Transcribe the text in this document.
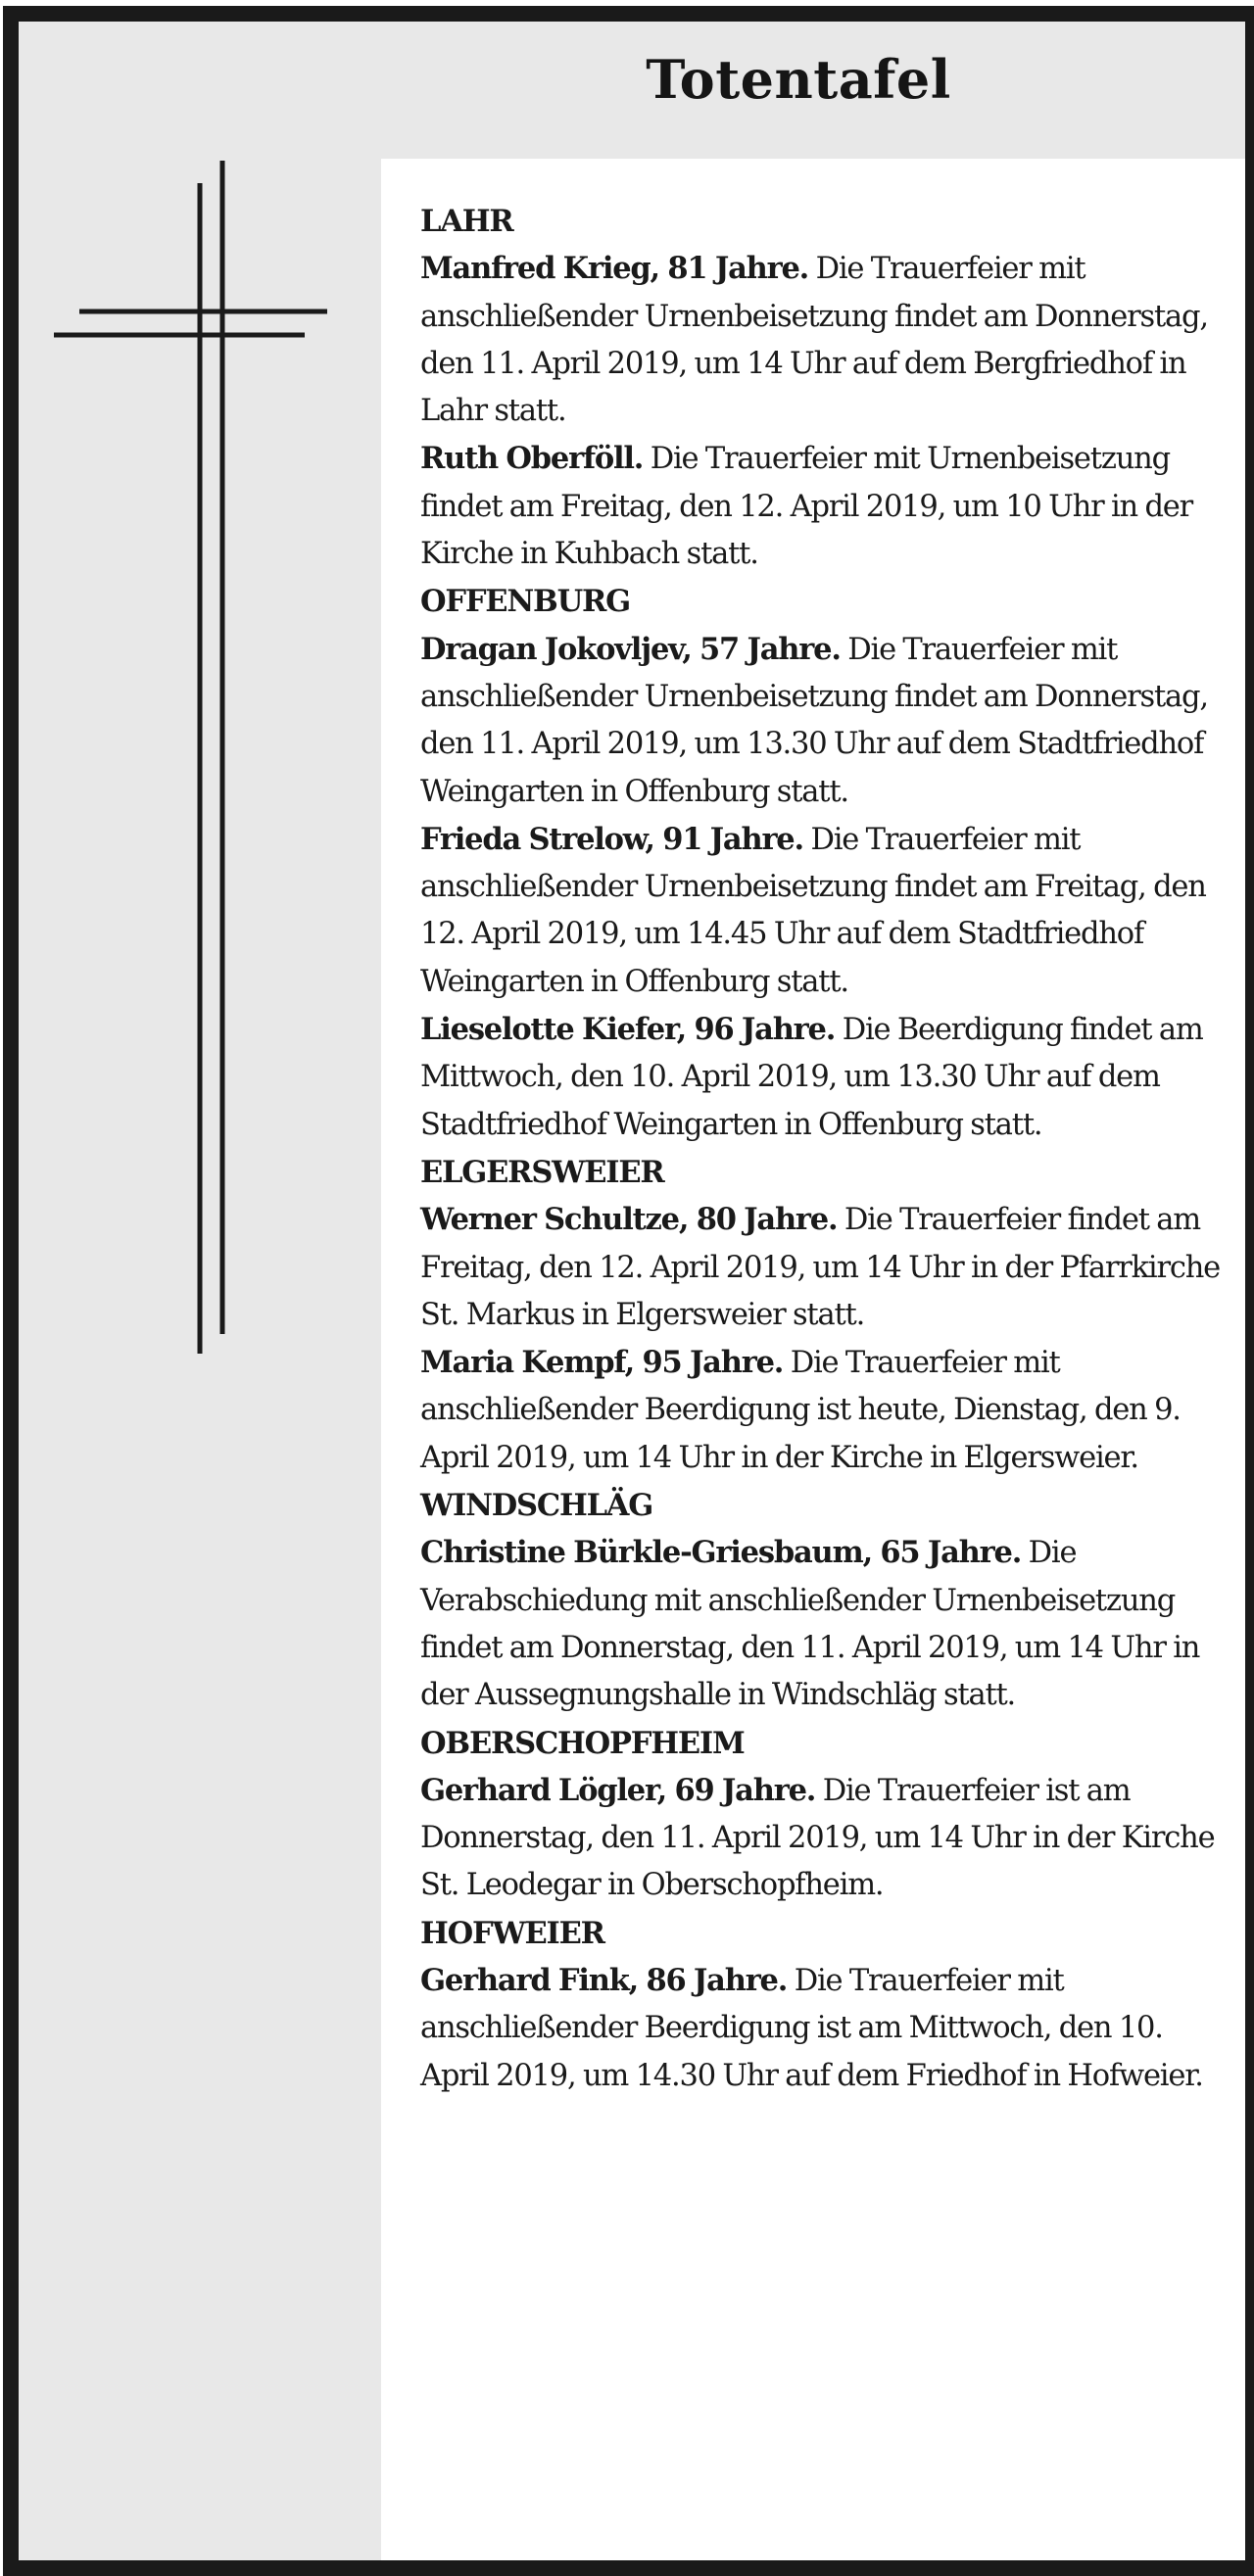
Totentafel
LAHR
Manfred Krieg, 81 Jahre. Die Trauerfeier mit anschließender Urnenbeisetzung findet am Donnerstag, den 11. April 2019, um 14 Uhr auf dem Bergfriedhof in Lahr statt.
Ruth Oberföll. Die Trauerfeier mit Urnenbeisetzung findet am Freitag, den 12. April 2019, um 10 Uhr in der Kirche in Kuhbach statt.
OFFENBURG
Dragan Jokovljev, 57 Jahre. Die Trauerfeier mit anschließender Urnenbeisetzung findet am Donnerstag, den 11. April 2019, um 13.30 Uhr auf dem Stadtfriedhof Weingarten in Offenburg statt.
Frieda Strelow, 91 Jahre. Die Trauerfeier mit anschließender Urnenbeisetzung findet am Freitag, den 12. April 2019, um 14.45 Uhr auf dem Stadtfriedhof Weingarten in Offenburg statt.
Lieselotte Kiefer, 96 Jahre. Die Beerdigung findet am Mittwoch, den 10. April 2019, um 13.30 Uhr auf dem Stadtfriedhof Weingarten in Offenburg statt.
ELGERSWEIER
Werner Schultze, 80 Jahre. Die Trauerfeier findet am Freitag, den 12. April 2019, um 14 Uhr in der Pfarrkirche St. Markus in Elgersweier statt.
Maria Kempf, 95 Jahre. Die Trauerfeier mit anschließender Beerdigung ist heute, Dienstag, den 9. April 2019, um 14 Uhr in der Kirche in Elgersweier.
WINDSCHLÄG
Christine Bürkle-Griesbaum, 65 Jahre. Die Verabschiedung mit anschließender Urnenbeisetzung findet am Donnerstag, den 11. April 2019, um 14 Uhr in der Aussegnungshalle in Windschläg statt.
OBERSCHOPFHEIM
Gerhard Lögler, 69 Jahre. Die Trauerfeier ist am Donnerstag, den 11. April 2019, um 14 Uhr in der Kirche St. Leodegar in Oberschopfheim.
HOFWEIER
Gerhard Fink, 86 Jahre. Die Trauerfeier mit anschließender Beerdigung ist am Mittwoch, den 10. April 2019, um 14.30 Uhr auf dem Friedhof in Hofweier.
